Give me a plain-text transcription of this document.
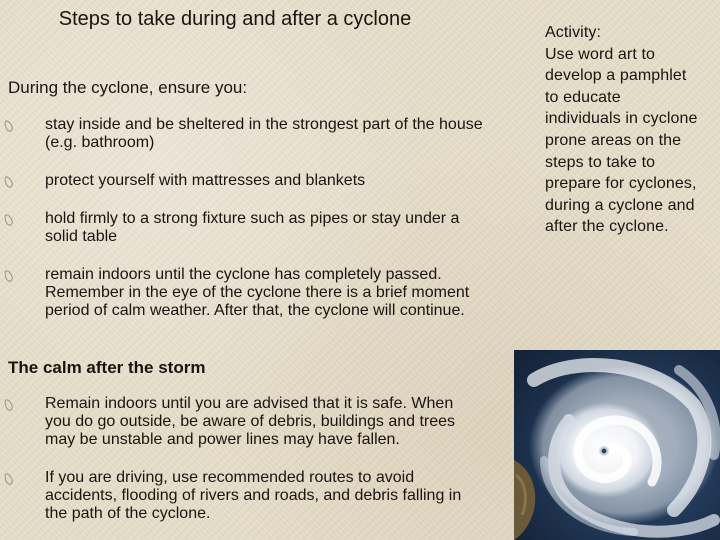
Steps to take during and after a cyclone
During the cyclone, ensure you:
stay inside and be sheltered in the strongest part of the house (e.g. bathroom)
protect yourself with mattresses and blankets
hold firmly to a strong fixture such as pipes or stay under a solid table
remain indoors until the cyclone has completely passed. Remember in the eye of the cyclone there is a brief moment period of calm weather. After that, the cyclone will continue.
The calm after the storm
Remain indoors until you are advised that it is safe. When you do go outside, be aware of debris, buildings and trees may be unstable and power lines may have fallen.
If you are driving, use recommended routes to avoid accidents, flooding of rivers and roads, and debris falling in the path of the cyclone.
Activity:
Use word art to
develop a pamphlet
to educate
individuals in cyclone
prone areas on the
steps to take to
prepare for cyclones,
during a cyclone and
after the cyclone.
